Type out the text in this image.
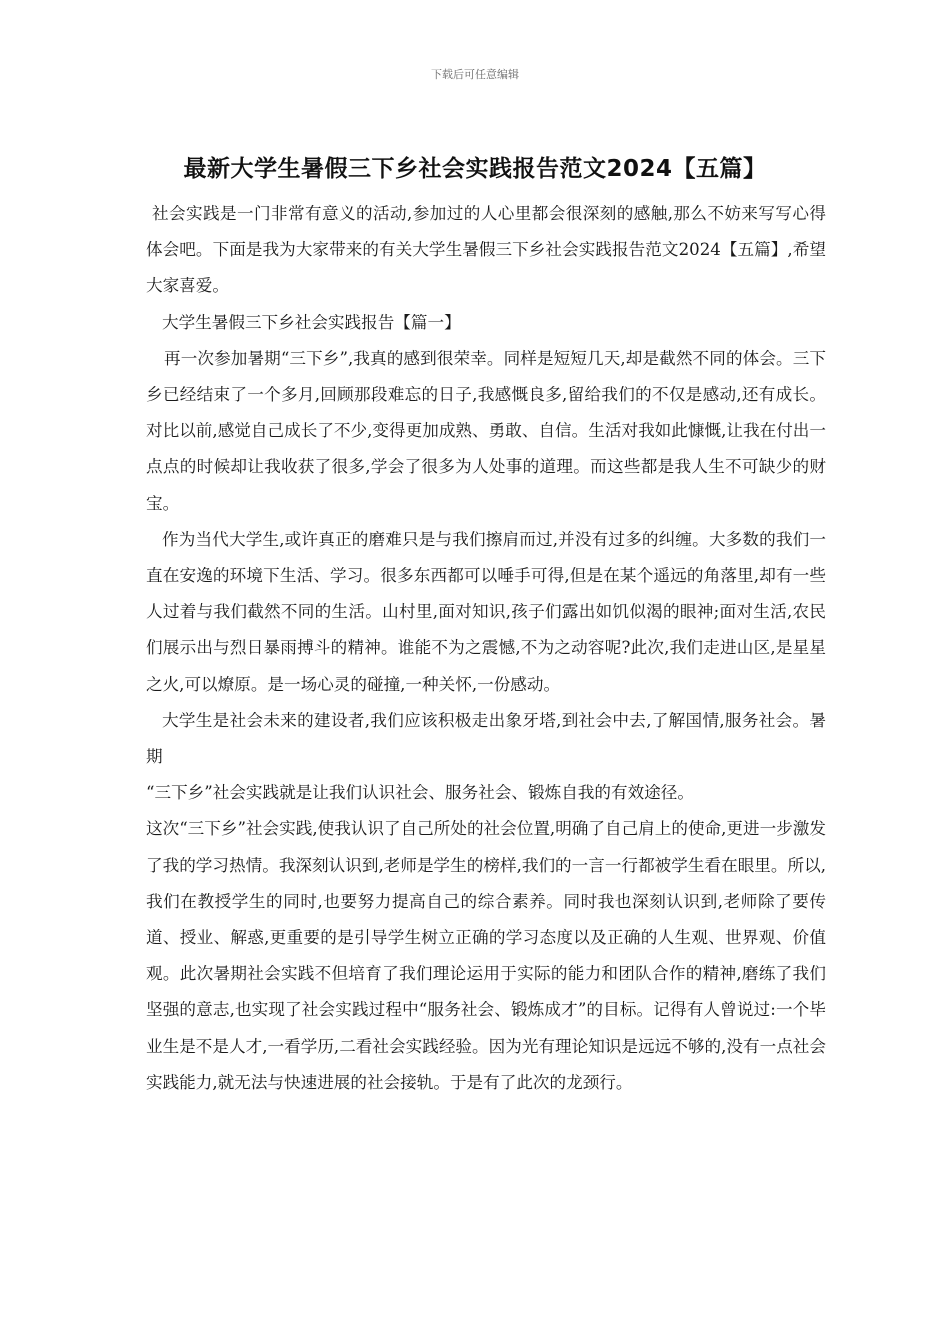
下载后可任意编辑

最新大学生暑假三下乡社会实践报告范文2024【五篇】

社会实践是一门非常有意义的活动,参加过的人心里都会很深刻的感触,那么不妨来写写心得体会吧。下面是我为大家带来的有关大学生暑假三下乡社会实践报告范文2024【五篇】,希望大家喜爱。

大学生暑假三下乡社会实践报告【篇一】

再一次参加暑期“三下乡”,我真的感到很荣幸。同样是短短几天,却是截然不同的体会。三下乡已经结束了一个多月,回顾那段难忘的日子,我感慨良多,留给我们的不仅是感动,还有成长。对比以前,感觉自己成长了不少,变得更加成熟、勇敢、自信。生活对我如此慷慨,让我在付出一点点的时候却让我收获了很多,学会了很多为人处事的道理。而这些都是我人生不可缺少的财宝。

作为当代大学生,或许真正的磨难只是与我们擦肩而过,并没有过多的纠缠。大多数的我们一直在安逸的环境下生活、学习。很多东西都可以唾手可得,但是在某个遥远的角落里,却有一些人过着与我们截然不同的生活。山村里,面对知识,孩子们露出如饥似渴的眼神;面对生活,农民们展示出与烈日暴雨搏斗的精神。谁能不为之震憾,不为之动容呢?此次,我们走进山区,是星星之火,可以燎原。是一场心灵的碰撞,一种关怀,一份感动。

大学生是社会未来的建设者,我们应该积极走出象牙塔,到社会中去,了解国情,服务社会。暑期

“三下乡”社会实践就是让我们认识社会、服务社会、锻炼自我的有效途径。

这次“三下乡”社会实践,使我认识了自己所处的社会位置,明确了自己肩上的使命,更进一步激发了我的学习热情。我深刻认识到,老师是学生的榜样,我们的一言一行都被学生看在眼里。所以,我们在教授学生的同时,也要努力提高自己的综合素养。同时我也深刻认识到,老师除了要传道、授业、解惑,更重要的是引导学生树立正确的学习态度以及正确的人生观、世界观、价值观。此次暑期社会实践不但培育了我们理论运用于实际的能力和团队合作的精神,磨练了我们坚强的意志,也实现了社会实践过程中“服务社会、锻炼成才”的目标。记得有人曾说过:一个毕业生是不是人才,一看学历,二看社会实践经验。因为光有理论知识是远远不够的,没有一点社会实践能力,就无法与快速进展的社会接轨。于是有了此次的龙颈行。
